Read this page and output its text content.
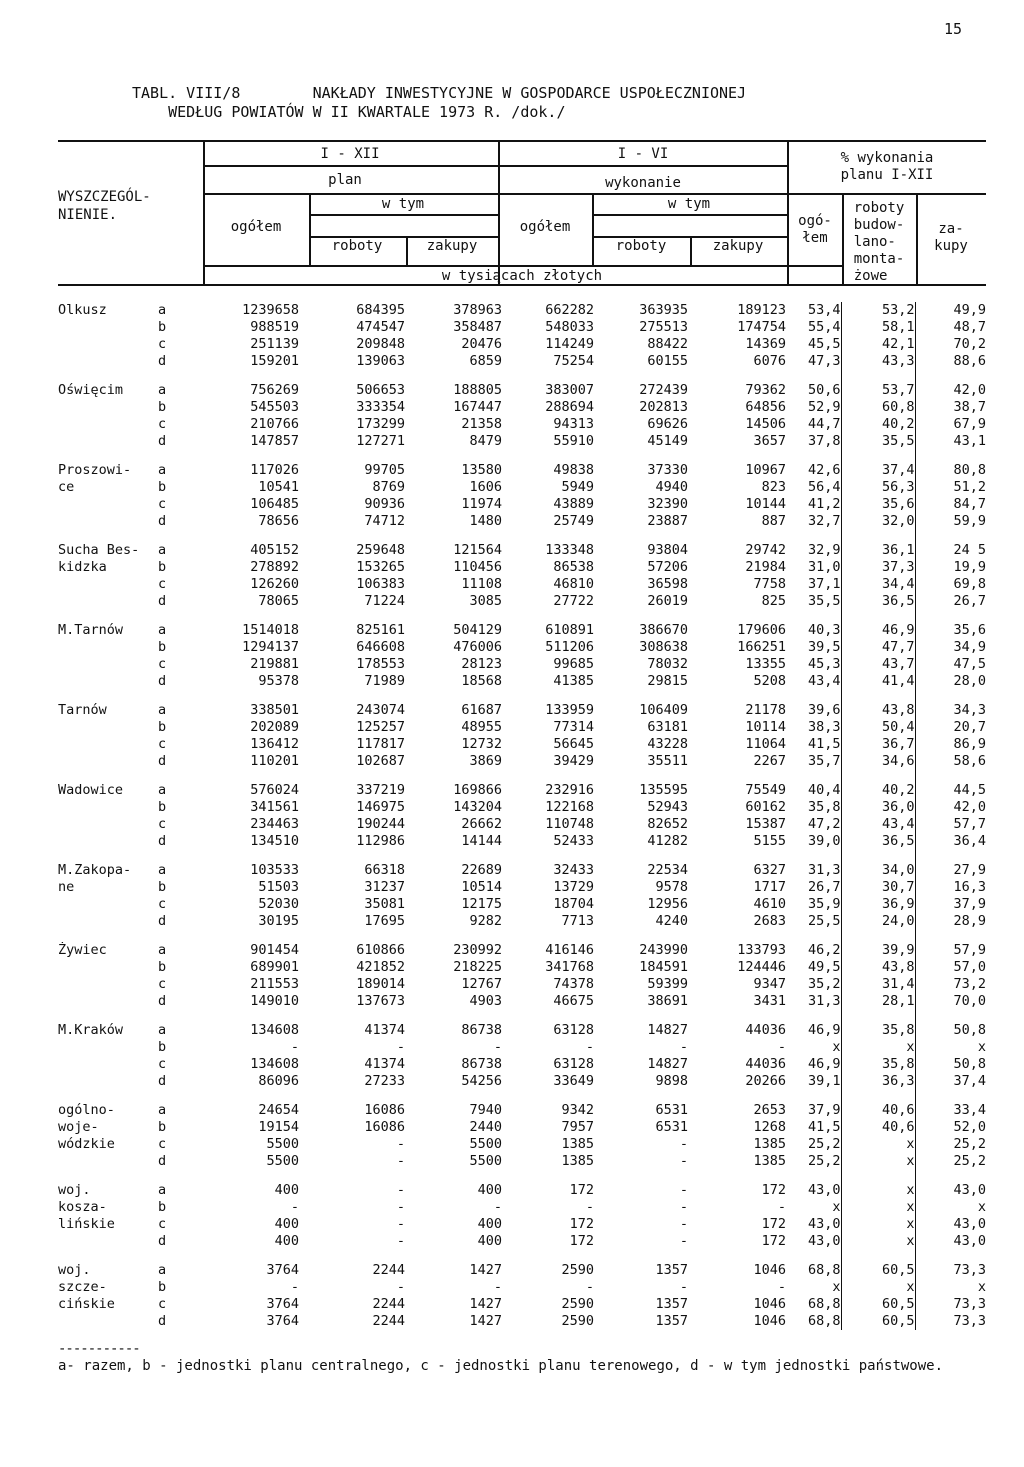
15
TABL. VIII/8        NAKŁADY INWESTYCYJNE W GOSPODARCE USPOŁECZNIONEJ
WEDŁUG POWIATÓW W II KWARTALE 1973 R. /dok./
WYSZCZEGÓL-
NIENIE.
I - XII	I - VI	% wykonania
planu I-XII
plan	wykonanie
ogółem	ogółem
w tym	w tym
roboty	zakupy	roboty	zakupy
ogó-
łem
roboty
budow-
lano-
monta-
żowe
za-
kupy
w tysiącach złotych
Olkusz	a	1239658	684395	378963	662282	363935	189123	53,4	53,2	49,9
	b	988519	474547	358487	548033	275513	174754	55,4	58,1	48,7
	c	251139	209848	20476	114249	88422	14369	45,5	42,1	70,2
	d	159201	139063	6859	75254	60155	6076	47,3	43,3	88,6

Oświęcim	a	756269	506653	188805	383007	272439	79362	50,6	53,7	42,0
	b	545503	333354	167447	288694	202813	64856	52,9	60,8	38,7
	c	210766	173299	21358	94313	69626	14506	44,7	40,2	67,9
	d	147857	127271	8479	55910	45149	3657	37,8	35,5	43,1

Proszowi-	a	117026	99705	13580	49838	37330	10967	42,6	37,4	80,8
ce	b	10541	8769	1606	5949	4940	823	56,4	56,3	51,2
	c	106485	90936	11974	43889	32390	10144	41,2	35,6	84,7
	d	78656	74712	1480	25749	23887	887	32,7	32,0	59,9

Sucha Bes-	a	405152	259648	121564	133348	93804	29742	32,9	36,1	24 5
kidzka	b	278892	153265	110456	86538	57206	21984	31,0	37,3	19,9
	c	126260	106383	11108	46810	36598	7758	37,1	34,4	69,8
	d	78065	71224	3085	27722	26019	825	35,5	36,5	26,7

M.Tarnów	a	1514018	825161	504129	610891	386670	179606	40,3	46,9	35,6
	b	1294137	646608	476006	511206	308638	166251	39,5	47,7	34,9
	c	219881	178553	28123	99685	78032	13355	45,3	43,7	47,5
	d	95378	71989	18568	41385	29815	5208	43,4	41,4	28,0

Tarnów	a	338501	243074	61687	133959	106409	21178	39,6	43,8	34,3
	b	202089	125257	48955	77314	63181	10114	38,3	50,4	20,7
	c	136412	117817	12732	56645	43228	11064	41,5	36,7	86,9
	d	110201	102687	3869	39429	35511	2267	35,7	34,6	58,6

Wadowice	a	576024	337219	169866	232916	135595	75549	40,4	40,2	44,5
	b	341561	146975	143204	122168	52943	60162	35,8	36,0	42,0
	c	234463	190244	26662	110748	82652	15387	47,2	43,4	57,7
	d	134510	112986	14144	52433	41282	5155	39,0	36,5	36,4

M.Zakopa-	a	103533	66318	22689	32433	22534	6327	31,3	34,0	27,9
ne	b	51503	31237	10514	13729	9578	1717	26,7	30,7	16,3
	c	52030	35081	12175	18704	12956	4610	35,9	36,9	37,9
	d	30195	17695	9282	7713	4240	2683	25,5	24,0	28,9

Żywiec	a	901454	610866	230992	416146	243990	133793	46,2	39,9	57,9
	b	689901	421852	218225	341768	184591	124446	49,5	43,8	57,0
	c	211553	189014	12767	74378	59399	9347	35,2	31,4	73,2
	d	149010	137673	4903	46675	38691	3431	31,3	28,1	70,0

M.Kraków	a	134608	41374	86738	63128	14827	44036	46,9	35,8	50,8
	b	-	-	-	-	-	-	x	x	x
	c	134608	41374	86738	63128	14827	44036	46,9	35,8	50,8
	d	86096	27233	54256	33649	9898	20266	39,1	36,3	37,4

ogólno-	a	24654	16086	7940	9342	6531	2653	37,9	40,6	33,4
woje-	b	19154	16086	2440	7957	6531	1268	41,5	40,6	52,0
wódzkie	c	5500	-	5500	1385	-	1385	25,2	x	25,2
	d	5500	-	5500	1385	-	1385	25,2	x	25,2

woj.	a	400	-	400	172	-	172	43,0	x	43,0
kosza-	b	-	-	-	-	-	-	x	x	x
lińskie	c	400	-	400	172	-	172	43,0	x	43,0
	d	400	-	400	172	-	172	43,0	x	43,0

woj.	a	3764	2244	1427	2590	1357	1046	68,8	60,5	73,3
szcze-	b	-	-	-	-	-	-	x	x	x
cińskie	c	3764	2244	1427	2590	1357	1046	68,8	60,5	73,3
	d	3764	2244	1427	2590	1357	1046	68,8	60,5	73,3
-----------
a- razem, b - jednostki planu centralnego, c - jednostki planu terenowego, d - w tym jednostki państwowe.
